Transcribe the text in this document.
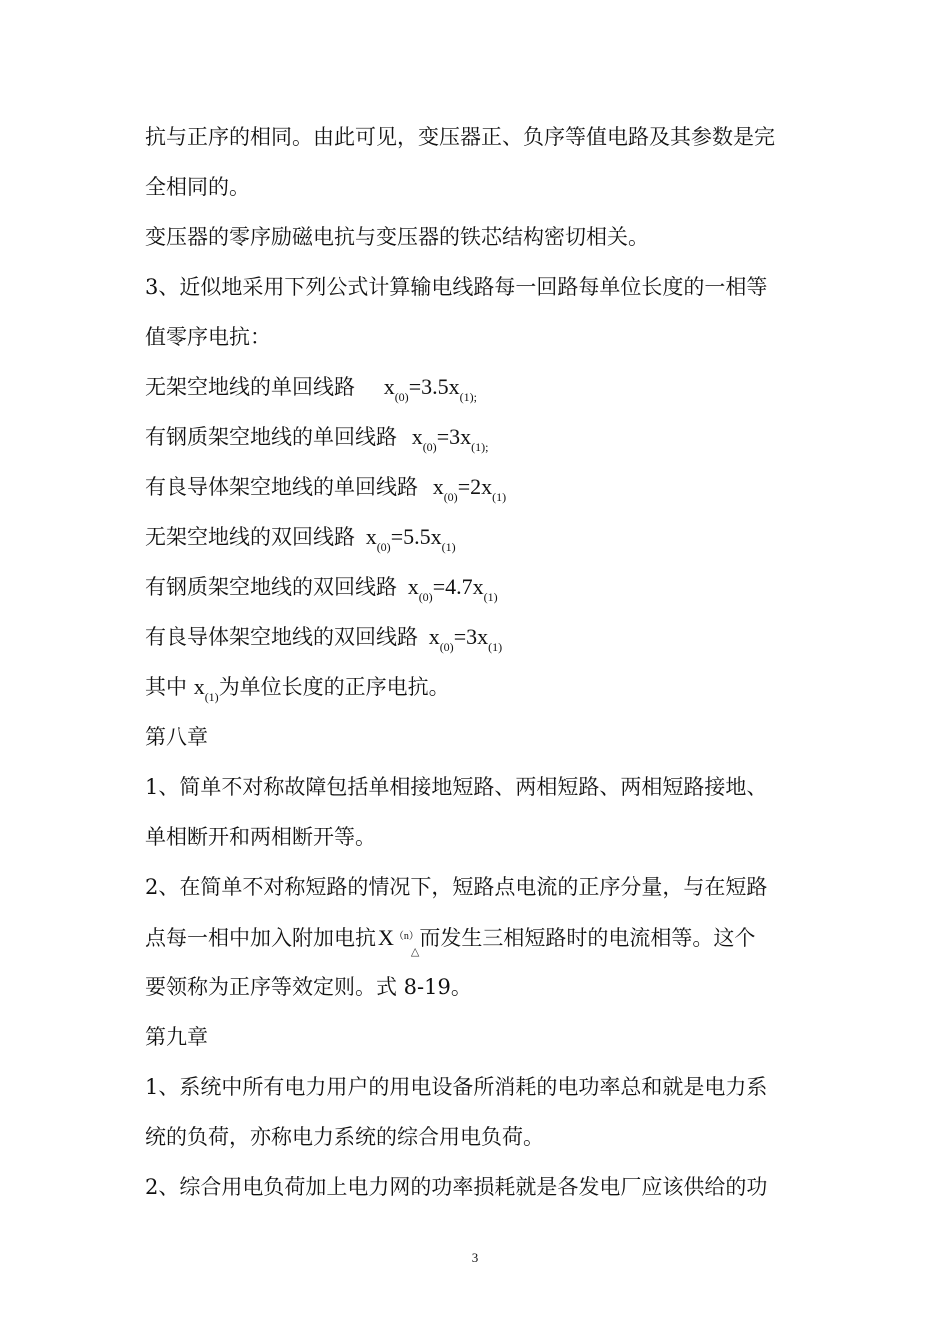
抗与正序的相同。由此可见，变压器正、负序等值电路及其参数是完
全相同的。
变压器的零序励磁电抗与变压器的铁芯结构密切相关。
3、近似地采用下列公式计算输电线路每一回路每单位长度的一相等
值零序电抗：
无架空地线的单回线路 $x_{(0)}=3.5x_{(1);}$
有钢质架空地线的单回线路 $x_{(0)}=3x_{(1);}$
有良导体架空地线的单回线路 $x_{(0)}=2x_{(1)}$
无架空地线的双回线路 $x_{(0)}=5.5x_{(1)}$
有钢质架空地线的双回线路 $x_{(0)}=4.7x_{(1)}$
有良导体架空地线的双回线路 $x_{(0)}=3x_{(1)}$
其中 $x_{(1)}$为单位长度的正序电抗。
第八章
1、简单不对称故障包括单相接地短路、两相短路、两相短路接地、
单相断开和两相断开等。
2、在简单不对称短路的情况下，短路点电流的正序分量，与在短路
点每一相中加入附加电抗$X^{(n)}_\triangle$而发生三相短路时的电流相等。这个
要领称为正序等效定则。式 8-19。
第九章
1、系统中所有电力用户的用电设备所消耗的电功率总和就是电力系
统的负荷，亦称电力系统的综合用电负荷。
2、综合用电负荷加上电力网的功率损耗就是各发电厂应该供给的功
3
